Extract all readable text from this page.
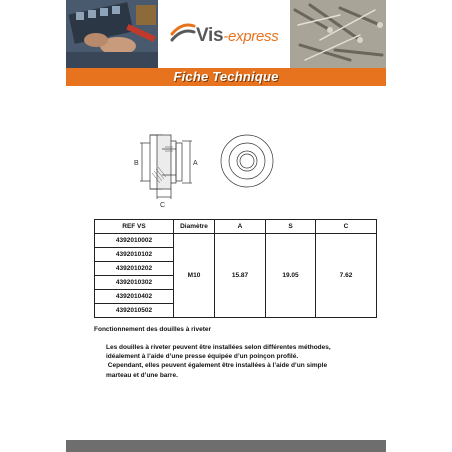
Vis-express
Fiche Technique
B	A
C
REF VS	Diamètre	A	S	C
4392010002	M10	15.87	19.05	7.62
4392010102				
4392010202				
4392010302				
4392010402				
4392010502				
Fonctionnement des douilles à riveter

Les douilles à riveter peuvent être installées selon différentes méthodes,

idéalement à l’aide d’une presse équipée d’un poinçon profilé.

Cependant, elles peuvent également être installées à l’aide d’un simple

marteau et d’une barre.
